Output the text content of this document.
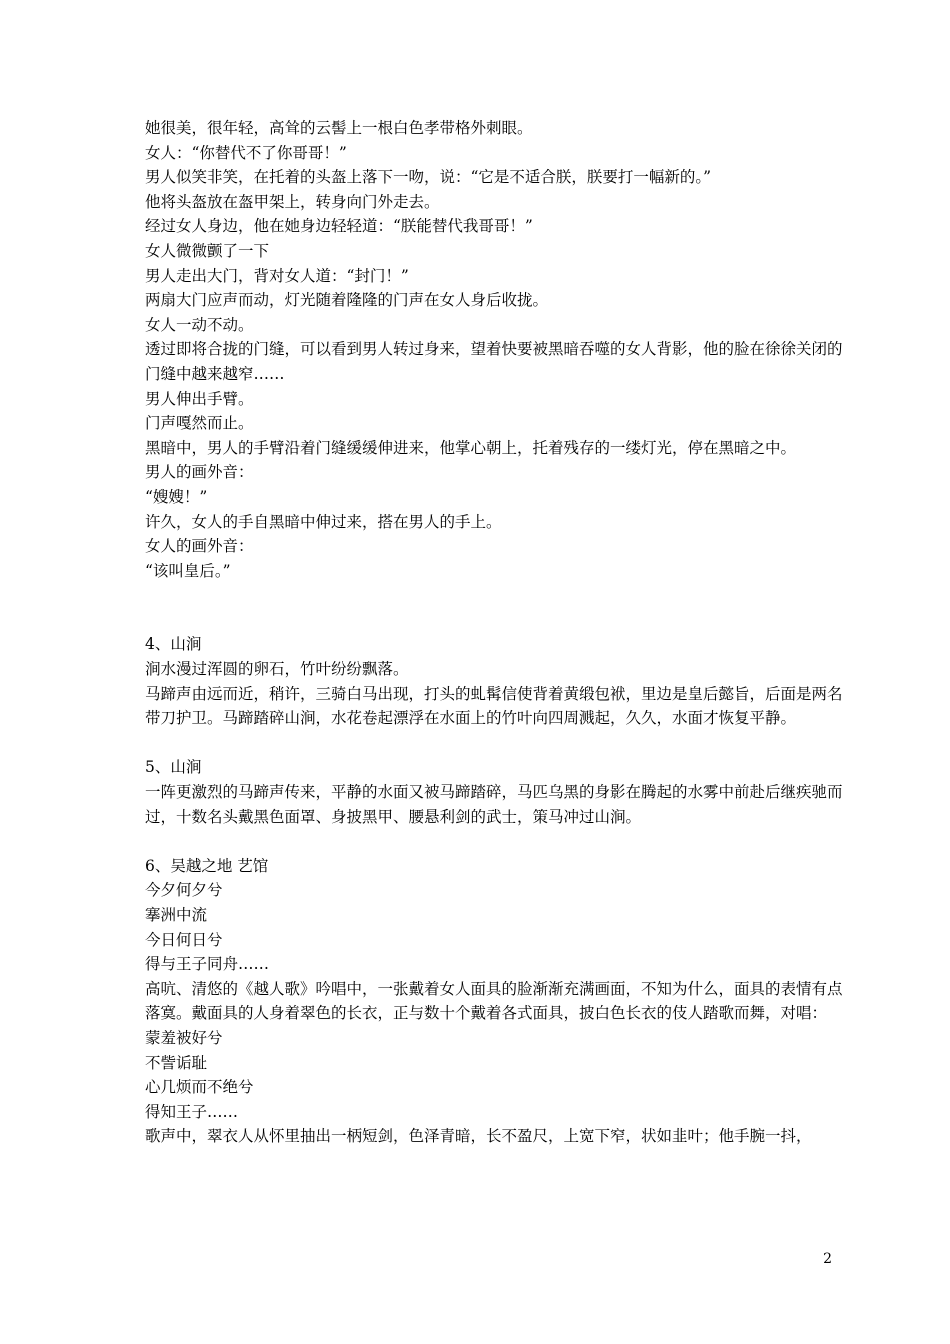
她很美，很年轻，高耸的云髻上一根白色孝带格外刺眼。

女人：“你替代不了你哥哥！”

男人似笑非笑，在托着的头盔上落下一吻，说：“它是不适合朕，朕要打一幅新的。”

他将头盔放在盔甲架上，转身向门外走去。

经过女人身边，他在她身边轻轻道：“朕能替代我哥哥！”

女人微微颤了一下

男人走出大门，背对女人道：“封门！”

两扇大门应声而动，灯光随着隆隆的门声在女人身后收拢。

女人一动不动。

透过即将合拢的门缝，可以看到男人转过身来，望着快要被黑暗吞噬的女人背影，他的脸在徐徐关闭的门缝中越来越窄……

男人伸出手臂。

门声嘎然而止。

黑暗中，男人的手臂沿着门缝缓缓伸进来，他掌心朝上，托着残存的一缕灯光，停在黑暗之中。

男人的画外音：

“嫂嫂！”

许久，女人的手自黑暗中伸过来，搭在男人的手上。

女人的画外音：

“该叫皇后。”

4、山涧

涧水漫过浑圆的卵石，竹叶纷纷飘落。

马蹄声由远而近，稍许，三骑白马出现，打头的虬髯信使背着黄缎包袱，里边是皇后懿旨，后面是两名带刀护卫。马蹄踏碎山涧，水花卷起漂浮在水面上的竹叶向四周溅起，久久，水面才恢复平静。

5、山涧

一阵更激烈的马蹄声传来，平静的水面又被马蹄踏碎，马匹乌黑的身影在腾起的水雾中前赴后继疾驰而过，十数名头戴黑色面罩、身披黑甲、腰悬利剑的武士，策马冲过山涧。

6、吴越之地 艺馆

今夕何夕兮

搴洲中流

今日何日兮

得与王子同舟……

高吭、清悠的《越人歌》吟唱中，一张戴着女人面具的脸渐渐充满画面，不知为什么，面具的表情有点落寞。戴面具的人身着翠色的长衣，正与数十个戴着各式面具，披白色长衣的伎人踏歌而舞，对唱：

蒙羞被好兮

不訾诟耻

心几烦而不绝兮

得知王子……

歌声中，翠衣人从怀里抽出一柄短剑，色泽青暗，长不盈尺，上宽下窄，状如韭叶；他手腕一抖，

2
